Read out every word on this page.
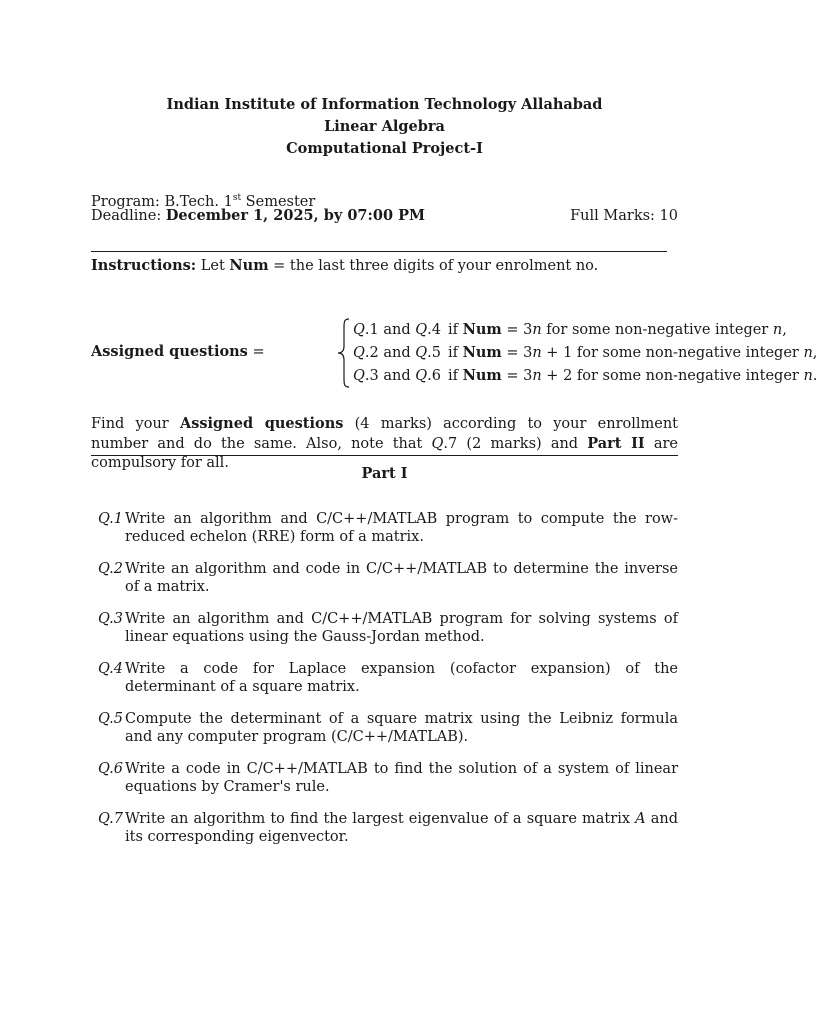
Indian Institute of Information Technology Allahabad
Linear Algebra
Computational Project-I
Program: B.Tech. 1st Semester
Deadline: December 1, 2025, by 07:00 PM	Full Marks: 10
Instructions: Let Num = the last three digits of your enrolment no.
Assigned questions =
Q.1 and Q.4 if Num = 3n for some non-negative integer n,
Q.2 and Q.5 if Num = 3n + 1 for some non-negative integer n,
Q.3 and Q.6 if Num = 3n + 2 for some non-negative integer n.
Find your Assigned questions (4 marks) according to your enrollment number and do the same. Also, note that Q.7 (2 marks) and Part II are compulsory for all.
Part I
Q.1 Write an algorithm and C/C++/MATLAB program to compute the row-reduced echelon (RRE) form of a matrix.
Q.2 Write an algorithm and code in C/C++/MATLAB to determine the inverse of a matrix.
Q.3 Write an algorithm and C/C++/MATLAB program for solving systems of linear equations using the Gauss-Jordan method.
Q.4 Write a code for Laplace expansion (cofactor expansion) of the determinant of a square matrix.
Q.5 Compute the determinant of a square matrix using the Leibniz formula and any computer program (C/C++/MATLAB).
Q.6 Write a code in C/C++/MATLAB to find the solution of a system of linear equations by Cramer's rule.
Q.7 Write an algorithm to find the largest eigenvalue of a square matrix A and its corresponding eigenvector.
